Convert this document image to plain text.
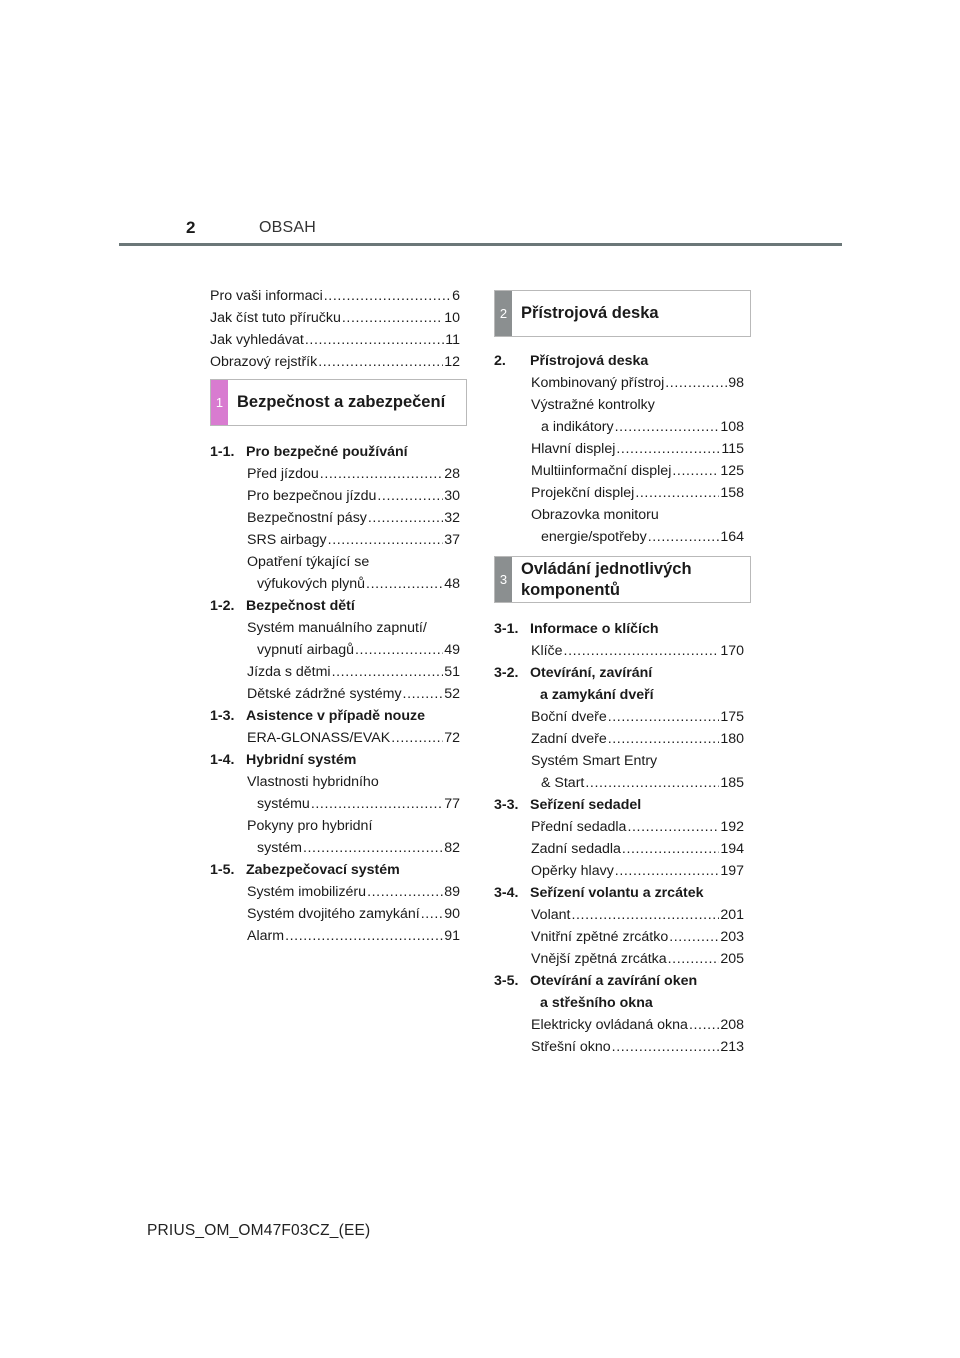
2	OBSAH
Pro vaši informaci .....	6
Jak číst tuto příručku .....	10
Jak vyhledávat .....	11
Obrazový rejstřík .....	12
1 Bezpečnost a zabezpečení
1-1. Pro bezpečné používání
Před jízdou .....	28
Pro bezpečnou jízdu .....	30
Bezpečnostní pásy .....	32
SRS airbagy .....	37
Opatření týkající se
výfukových plynů .....	48
1-2. Bezpečnost dětí
Systém manuálního zapnutí/
vypnutí airbagů .....	49
Jízda s dětmi .....	51
Dětské zádržné systémy .....	52
1-3. Asistence v případě nouze
ERA-GLONASS/EVAK .....	72
1-4. Hybridní systém
Vlastnosti hybridního
systému .....	77
Pokyny pro hybridní
systém .....	82
1-5. Zabezpečovací systém
Systém imobilizéru .....	89
Systém dvojitého zamykání ..... 90
Alarm .....	91
2 Přístrojová deska
2.	Přístrojová deska
Kombinovaný přístroj .....	98
Výstražné kontrolky
a indikátory .....	108
Hlavní displej .....	115
Multiinformační displej .....	125
Projekční displej .....	158
Obrazovka monitoru
energie/spotřeby .....	164
3
Ovládání jednotlivých
komponentů
3-1. Informace o klíčích
Klíče .....	170
3-2. Otevírání, zavírání
a zamykání dveří
Boční dveře .....	175
Zadní dveře .....	180
Systém Smart Entry
& Start .....	185
3-3. Seřízení sedadel
Přední sedadla .....	192
Zadní sedadla .....	194
Opěrky hlavy .....	197
3-4. Seřízení volantu a zrcátek
Volant .....	201
Vnitřní zpětné zrcátko .....	203
Vnější zpětná zrcátka .....	205
3-5. Otevírání a zavírání oken
a střešního okna
Elektricky ovládaná okna ..... 208
Střešní okno .....	213
PRIUS_OM_OM47F03CZ_(EE)
